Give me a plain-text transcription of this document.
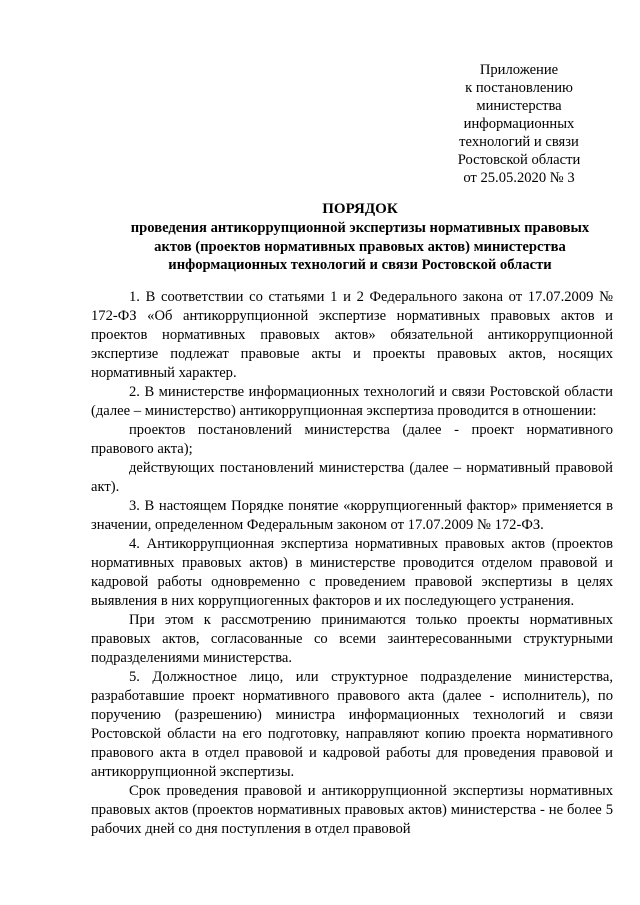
Приложение
к постановлению
министерства
информационных
технологий и связи
Ростовской области
от 25.05.2020 № 3
ПОРЯДОК
проведения антикоррупционной экспертизы нормативных правовых
актов (проектов нормативных правовых актов) министерства
информационных технологий и связи Ростовской области

1. В соответствии со статьями 1 и 2 Федерального закона от 17.07.2009 № 172-ФЗ «Об антикоррупционной экспертизе нормативных правовых актов и проектов нормативных правовых актов» обязательной антикоррупционной экспертизе подлежат правовые акты и проекты правовых актов, носящих нормативный характер.

2. В министерстве информационных технологий и связи Ростовской области (далее – министерство) антикоррупционная экспертиза проводится в отношении:

проектов постановлений министерства (далее - проект нормативного правового акта);

действующих постановлений министерства (далее – нормативный правовой акт).

3. В настоящем Порядке понятие «коррупциогенный фактор» применяется в значении, определенном Федеральным законом от 17.07.2009 № 172-ФЗ.

4. Антикоррупционная экспертиза нормативных правовых актов (проектов нормативных правовых актов) в министерстве проводится отделом правовой и кадровой работы одновременно с проведением правовой экспертизы в целях выявления в них коррупциогенных факторов и их последующего устранения.

При этом к рассмотрению принимаются только проекты нормативных правовых актов, согласованные со всеми заинтересованными структурными подразделениями министерства.

5. Должностное лицо, или структурное подразделение министерства, разработавшие проект нормативного правового акта (далее - исполнитель), по поручению (разрешению) министра информационных технологий и связи Ростовской области на его подготовку, направляют копию проекта нормативного правового акта в отдел правовой и кадровой работы для проведения правовой и антикоррупционной экспертизы.

Срок проведения правовой и антикоррупционной экспертизы нормативных правовых актов (проектов нормативных правовых актов) министерства - не более 5 рабочих дней со дня поступления в отдел правовой
